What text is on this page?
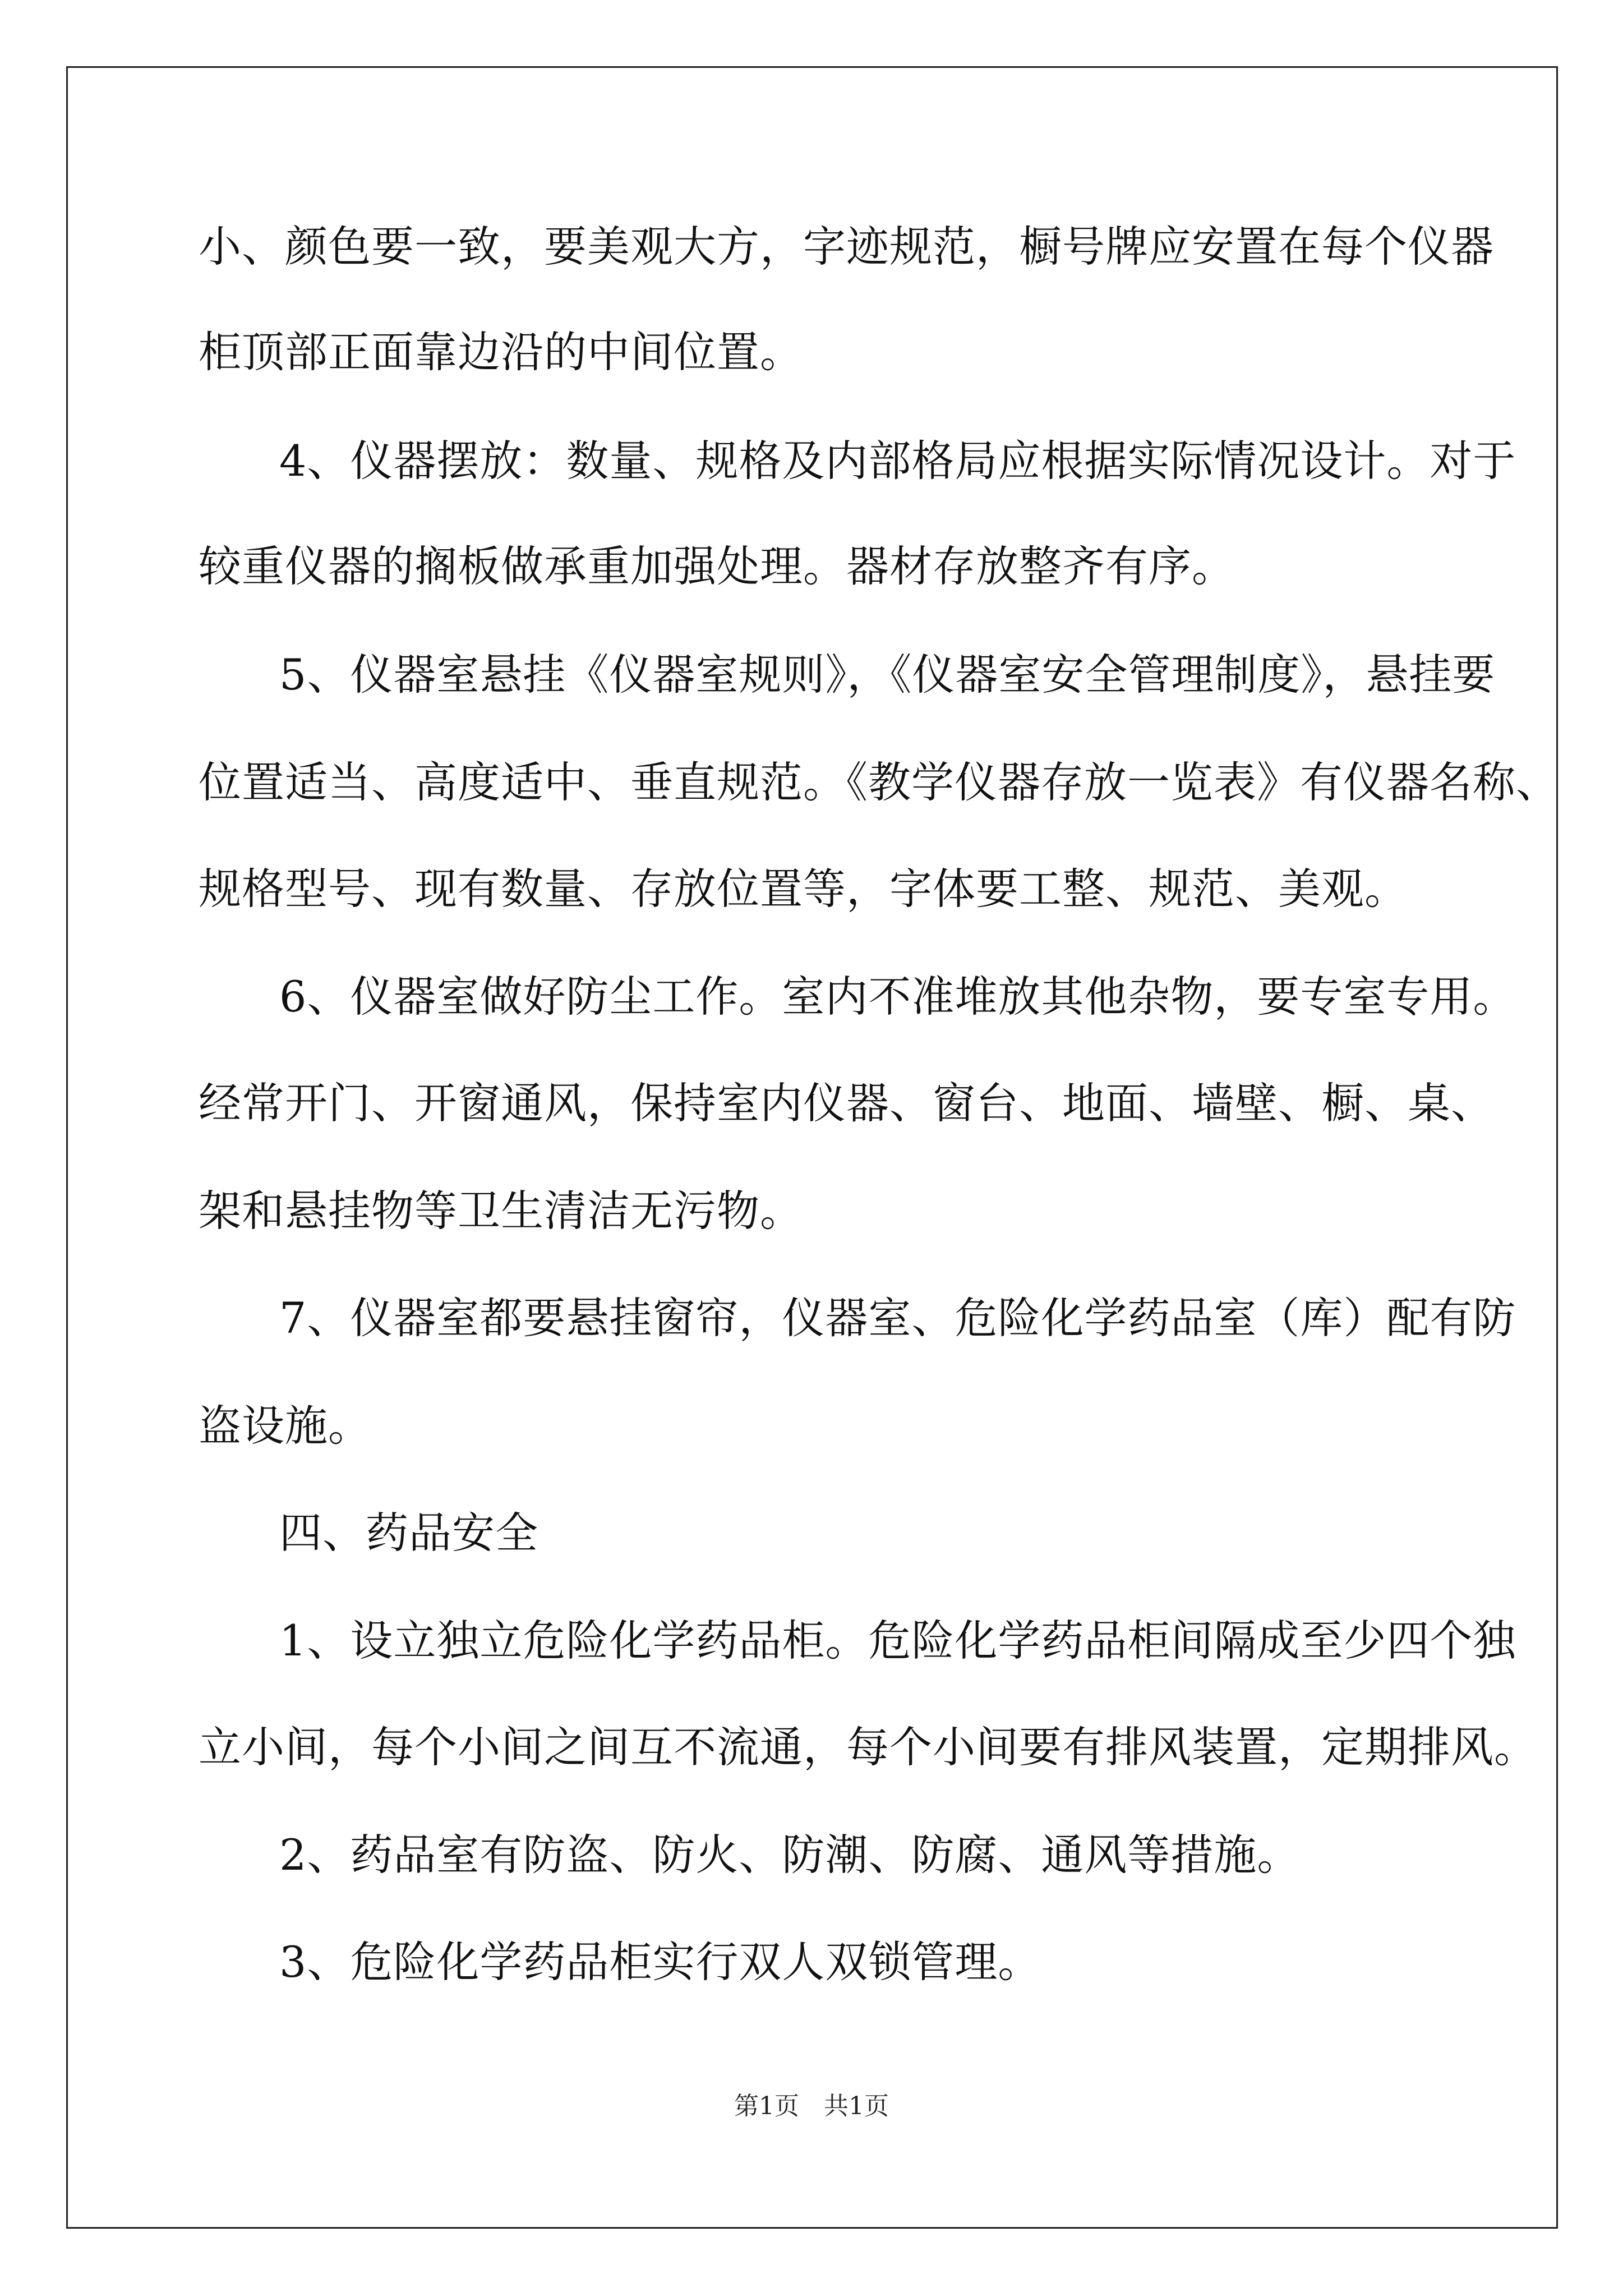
小、颜色要一致，要美观大方，字迹规范，橱号牌应安置在每个仪器
柜顶部正面靠边沿的中间位置。
4、仪器摆放：数量、规格及内部格局应根据实际情况设计。对于
较重仪器的搁板做承重加强处理。器材存放整齐有序。
5、仪器室悬挂《仪器室规则》，《仪器室安全管理制度》，悬挂要
位置适当、高度适中、垂直规范。《教学仪器存放一览表》有仪器名称、
规格型号、现有数量、存放位置等，字体要工整、规范、美观。
6、仪器室做好防尘工作。室内不准堆放其他杂物，要专室专用。
经常开门、开窗通风，保持室内仪器、窗台、地面、墙壁、橱、桌、
架和悬挂物等卫生清洁无污物。
7、仪器室都要悬挂窗帘，仪器室、危险化学药品室（库）配有防
盗设施。
四、药品安全
1、设立独立危险化学药品柜。危险化学药品柜间隔成至少四个独
立小间，每个小间之间互不流通，每个小间要有排风装置，定期排风。
2、药品室有防盗、防火、防潮、防腐、通风等措施。
3、危险化学药品柜实行双人双锁管理。
第1页　共1页
